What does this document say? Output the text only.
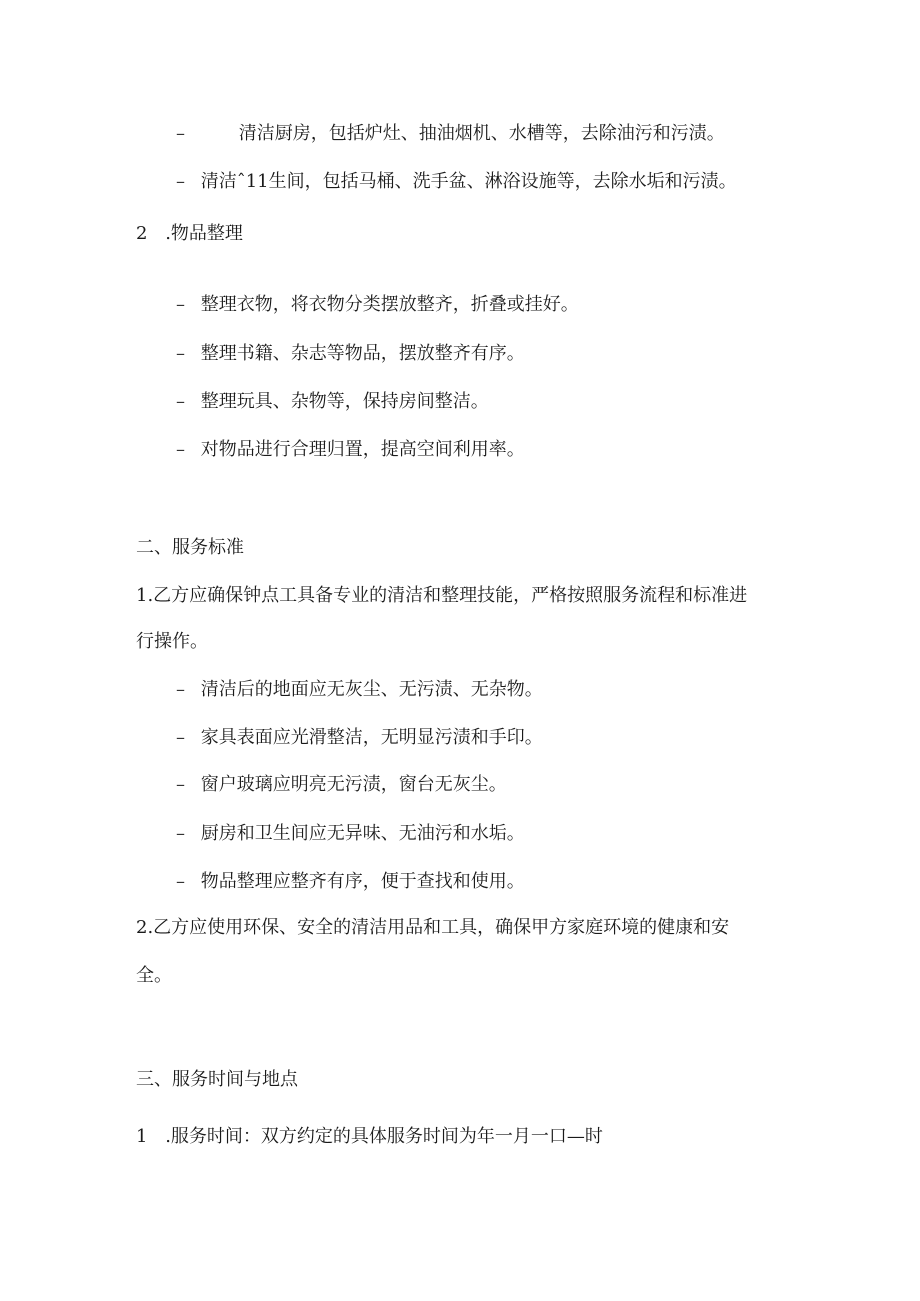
–	清洁厨房，包括炉灶、抽油烟机、水槽等，去除油污和污渍。
– 清洁ˆ11生间，包括马桶、洗手盆、淋浴设施等，去除水垢和污渍。
2 .物品整理
– 整理衣物，将衣物分类摆放整齐，折叠或挂好。
– 整理书籍、杂志等物品，摆放整齐有序。
– 整理玩具、杂物等，保持房间整洁。
– 对物品进行合理归置，提高空间利用率。
二、服务标准
1.乙方应确保钟点工具备专业的清洁和整理技能，严格按照服务流程和标准进
行操作。
– 清洁后的地面应无灰尘、无污渍、无杂物。
– 家具表面应光滑整洁，无明显污渍和手印。
– 窗户玻璃应明亮无污渍，窗台无灰尘。
– 厨房和卫生间应无异味、无油污和水垢。
– 物品整理应整齐有序，便于查找和使用。
2.乙方应使用环保、安全的清洁用品和工具，确保甲方家庭环境的健康和安
全。
三、服务时间与地点
1 .服务时间：双方约定的具体服务时间为年一月一口—时
